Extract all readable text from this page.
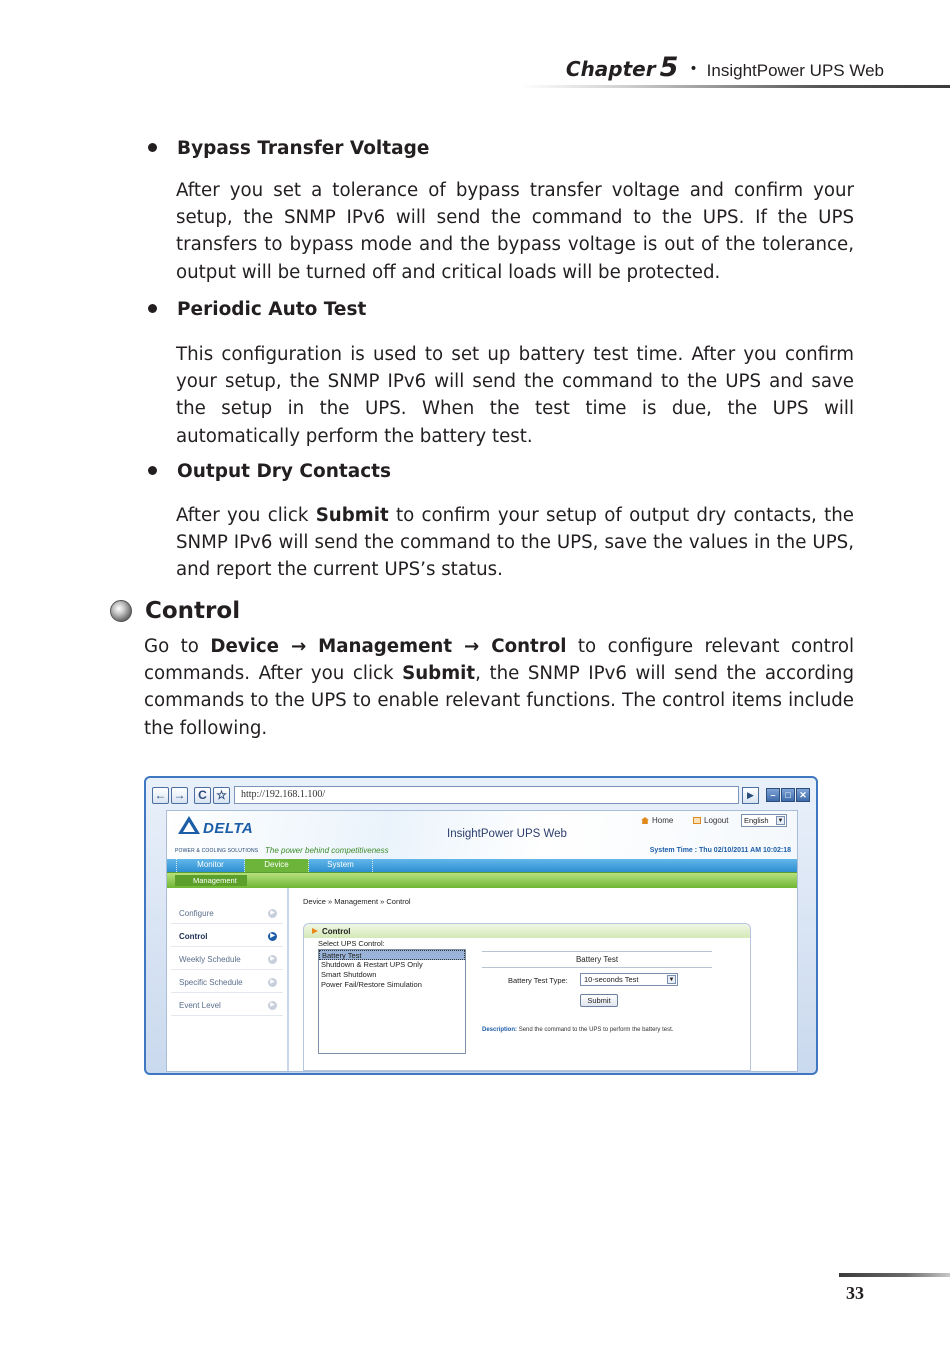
Chapter 5 • InsightPower UPS Web
Bypass Transfer Voltage

After you set a tolerance of bypass transfer voltage and confirm your setup, the SNMP IPv6 will send the command to the UPS. If the UPS transfers to bypass mode and the bypass voltage is out of the tolerance, output will be turned off and critical loads will be protected.

Periodic Auto Test

This configuration is used to set up battery test time. After you confirm your setup, the SNMP IPv6 will send the command to the UPS and save the setup in the UPS. When the test time is due, the UPS will automatically perform the battery test.

Output Dry Contacts

After you click Submit to confirm your setup of output dry contacts, the SNMP IPv6 will send the command to the UPS, save the values in the UPS, and report the current UPS’s status.

Control

Go to Device → Management → Control to configure relevant control commands. After you click Submit, the SNMP IPv6 will send the according commands to the UPS to enable relevant functions. The control items include the following.

← →	C ☆	http://192.168.1.100/	▶	–	□ ✕
DELTA
POWER & COOLING SOLUTIONS The power behind competitiveness
InsightPower UPS Web
Home	Logout	English ▼
System Time : Thu 02/10/2011 AM 10:02:18
Monitor	Device	System
Management
Configure	▶
Control	▶
Weekly Schedule	▶
Specific Schedule	▶
Event Level	▶
Device » Management » Control
Control
Select UPS Control:
Battery Test
Shutdown & Restart UPS Only
Smart Shutdown
Power Fail/Restore Simulation
Battery Test
Battery Test Type:	10-seconds Test	▼
Submit
Description: Send the command to the UPS to perform the battery test.
33
